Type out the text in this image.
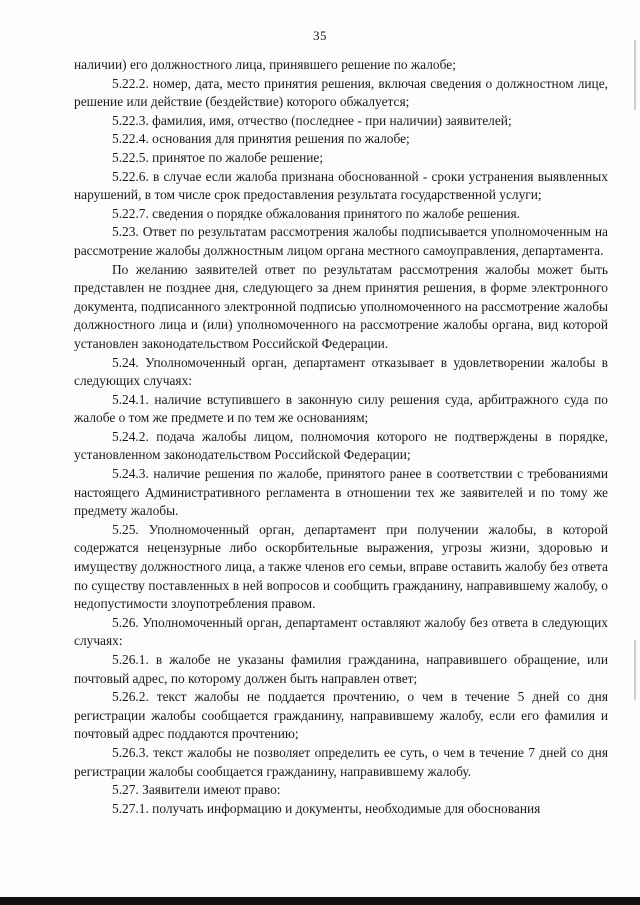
35

наличии) его должностного лица, принявшего решение по жалобе;

5.22.2. номер, дата, место принятия решения, включая сведения о должностном лице, решение или действие (бездействие) которого обжалуется;

5.22.3. фамилия, имя, отчество (последнее - при наличии) заявителей;

5.22.4. основания для принятия решения по жалобе;

5.22.5. принятое по жалобе решение;

5.22.6. в случае если жалоба признана обоснованной - сроки устранения выявленных нарушений, в том числе срок предоставления результата государственной услуги;

5.22.7. сведения о порядке обжалования принятого по жалобе решения.

5.23. Ответ по результатам рассмотрения жалобы подписывается уполномоченным на рассмотрение жалобы должностным лицом органа местного самоуправления, департамента.

По желанию заявителей ответ по результатам рассмотрения жалобы может быть представлен не позднее дня, следующего за днем принятия решения, в форме электронного документа, подписанного электронной подписью уполномоченного на рассмотрение жалобы должностного лица и (или) уполномоченного на рассмотрение жалобы органа, вид которой установлен законодательством Российской Федерации.

5.24. Уполномоченный орган, департамент отказывает в удовлетворении жалобы в следующих случаях:

5.24.1. наличие вступившего в законную силу решения суда, арбитражного суда по жалобе о том же предмете и по тем же основаниям;

5.24.2. подача жалобы лицом, полномочия которого не подтверждены в порядке, установленном законодательством Российской Федерации;

5.24.3. наличие решения по жалобе, принятого ранее в соответствии с требованиями настоящего Административного регламента в отношении тех же заявителей и по тому же предмету жалобы.

5.25. Уполномоченный орган, департамент при получении жалобы, в которой содержатся нецензурные либо оскорбительные выражения, угрозы жизни, здоровью и имуществу должностного лица, а также членов его семьи, вправе оставить жалобу без ответа по существу поставленных в ней вопросов и сообщить гражданину, направившему жалобу, о недопустимости злоупотребления правом.

5.26. Уполномоченный орган, департамент оставляют жалобу без ответа в следующих случаях:

5.26.1. в жалобе не указаны фамилия гражданина, направившего обращение, или почтовый адрес, по которому должен быть направлен ответ;

5.26.2. текст жалобы не поддается прочтению, о чем в течение 5 дней со дня регистрации жалобы сообщается гражданину, направившему жалобу, если его фамилия и почтовый адрес поддаются прочтению;

5.26.3. текст жалобы не позволяет определить ее суть, о чем в течение 7 дней со дня регистрации жалобы сообщается гражданину, направившему жалобу.

5.27. Заявители имеют право:

5.27.1. получать информацию и документы, необходимые для обоснования
